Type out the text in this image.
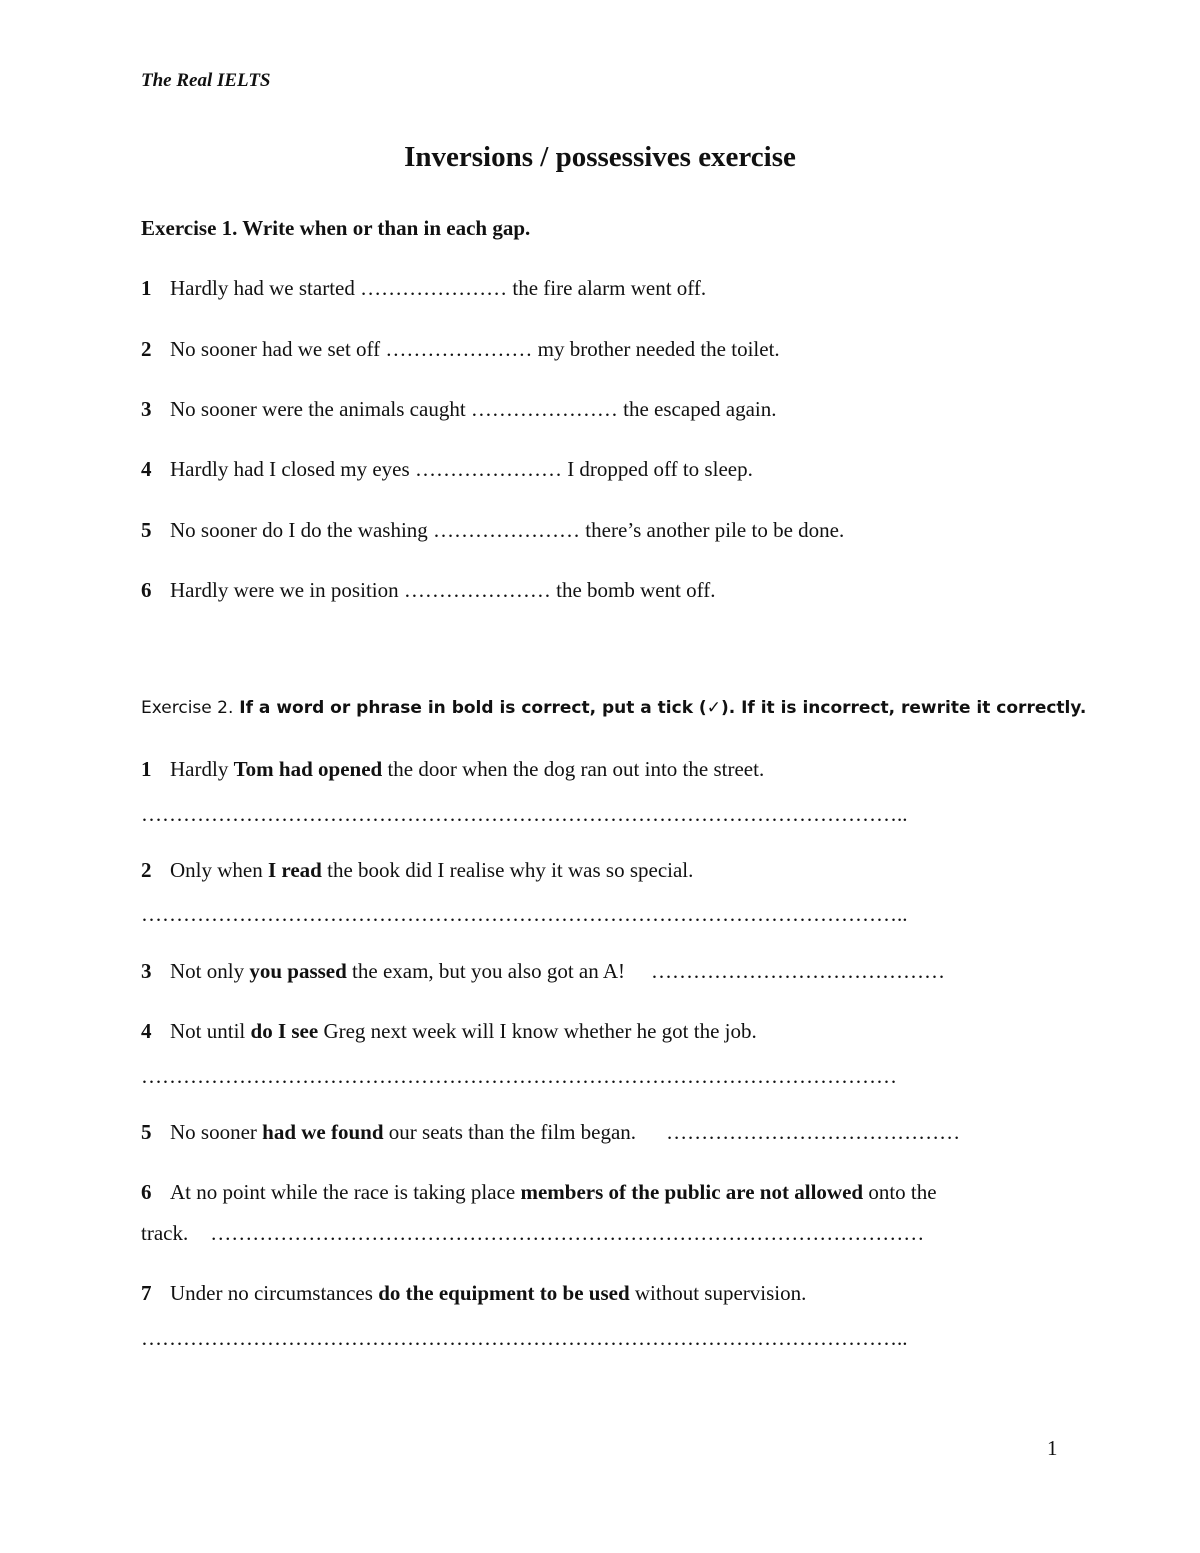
The Real IELTS
Inversions / possessives exercise
Exercise 1. Write when or than in each gap.
1 Hardly had we started ………………… the fire alarm went off.
2 No sooner had we set off ………………… my brother needed the toilet.
3 No sooner were the animals caught ………………… the escaped again.
4 Hardly had I closed my eyes ………………… I dropped off to sleep.
5 No sooner do I do the washing ………………… there’s another pile to be done.
6 Hardly were we in position ………………… the bomb went off.
Exercise 2. If a word or phrase in bold is correct, put a tick (✓). If it is incorrect, rewrite it correctly.
1 Hardly Tom had opened the door when the dog ran out into the street.
………………………………………………………………………………………………..
2 Only when I read the book did I realise why it was so special.
………………………………………………………………………………………………..
3 Not only you passed the exam, but you also got an A! ……………………………………
4 Not until do I see Greg next week will I know whether he got the job.
………………………………………………………………………………………………
5 No sooner had we found our seats than the film began. ……………………………………
6 At no point while the race is taking place members of the public are not allowed onto the
track. …………………………………………………………………………………………
7 Under no circumstances do the equipment to be used without supervision.
………………………………………………………………………………………………..
1
